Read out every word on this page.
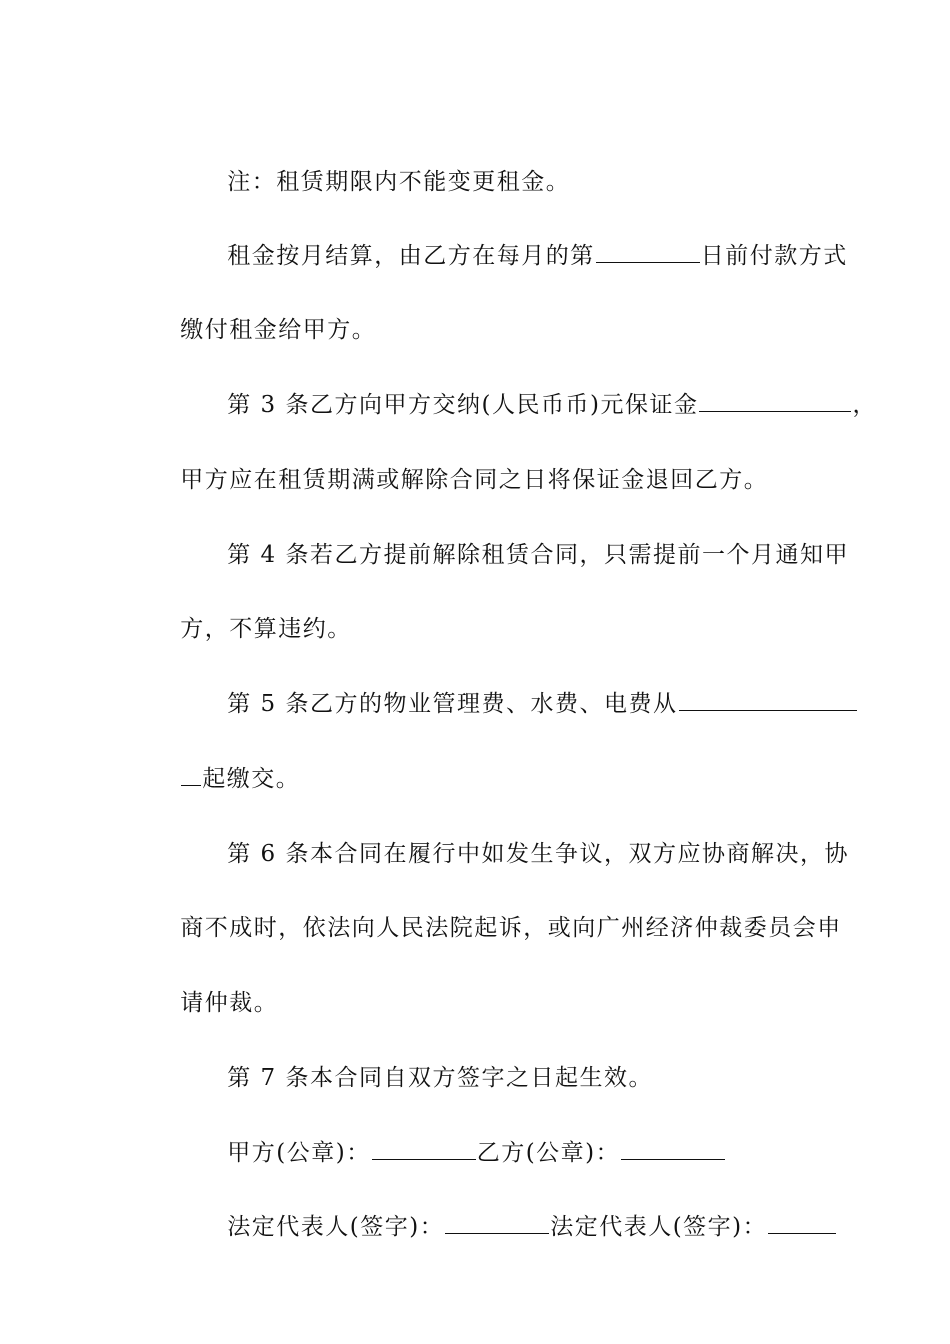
注：租赁期限内不能变更租金。

租金按月结算，由乙方在每月的第	日前付款方式

缴付租金给甲方。

第 3 条乙方向甲方交纳(人民币币)元保证金	，

甲方应在租赁期满或解除合同之日将保证金退回乙方。

第 4 条若乙方提前解除租赁合同，只需提前一个月通知甲

方，不算违约。

第 5 条乙方的物业管理费、水费、电费从

起缴交。

第 6 条本合同在履行中如发生争议，双方应协商解决，协

商不成时，依法向人民法院起诉，或向广州经济仲裁委员会申

请仲裁。

第 7 条本合同自双方签字之日起生效。

甲方(公章)：	乙方(公章)：

法定代表人(签字)：	法定代表人(签字)：
